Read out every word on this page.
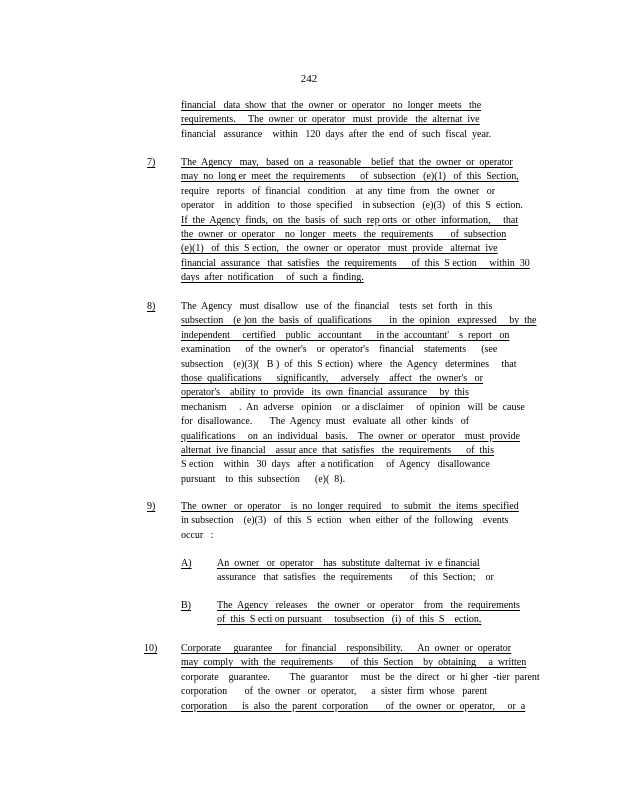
242
financial   data  show  that  the  owner  or  operator   no  longer  meets   the
requirements.     The  owner  or  operator   must  provide   the  alternat  ive
financial   assurance    within   120  days  after  the  end  of  such  fiscal  year.
7)	The  Agency   may,   based  on  a  reasonable    belief  that  the  owner  or  operator
may  no  long er  meet  the  requirements      of  subsection   (e)(1)   of  this  Section,
require   reports   of  financial   condition    at  any  time  from   the  owner   or
operator    in  addition   to  those  specified    in subsection   (e)(3)   of  this  S  ection.
If  the  Agency  finds,  on  the  basis  of  such  rep orts  or  other  information,     that
the  owner  or  operator    no  longer   meets   the  requirements       of  subsection
(e)(1)   of  this  S ection,   the  owner  or  operator   must  provide   alternat  ive
financial  assurance   that  satisfies   the  requirements      of  this  S ection     within  30
days  after  notification     of  such  a  finding.
8)	The  Agency   must  disallow   use  of  the  financial    tests  set  forth   in  this
subsection    (e )on  the  basis  of  qualifications       in  the  opinion   expressed     by  the
independent     certified    public   accountant      in the  accountant'    s  report   on
examination      of  the  owner's    or  operator's    financial    statements      (see
subsection    (e)(3)(   B )  of  this  S ection)  where   the  Agency   determines     that
those  qualifications      significantly,     adversely    affect   the  owner's   or
operator's    ability  to  provide   its  own  financial  assurance     by  this
mechanism     .  An  adverse   opinion    or  a disclaimer     of  opinion   will  be  cause
for  disallowance.       The  Agency  must   evaluate  all  other  kinds   of
qualifications     on  an  individual   basis.    The  owner  or  operator    must  provide
alternat  ive financial    assur ance  that  satisfies   the  requirements      of  this
S ection    within   30  days   after  a notification     of  Agency   disallowance
pursuant    to  this  subsection      (e)(  8).
9)	The  owner   or  operator    is  no  longer  required    to  submit   the  items  specified
in subsection    (e)(3)   of  this  S  ection   when  either  of  the  following    events
occur   :
A)	An  owner   or  operator    has  substitute  dalternat  iv  e financial
assurance   that  satisfies   the  requirements       of  this  Section;    or
B)	The  Agency   releases    the  owner   or  operator    from   the  requirements
of  this  S ecti on pursuant     tosubsection   (i)  of  this  S    ection.
10) Corporate     guarantee     for  financial    responsibility.      An  owner  or  operator
may  comply   with  the  requirements       of  this  Section    by  obtaining     a  written
corporate    guarantee.        The  guarantor     must  be  the  direct   or  hi gher  -tier  parent
corporation       of  the  owner   or  operator,      a  sister  firm  whose   parent
corporation      is  also  the  parent  corporation       of  the  owner  or  operator,     or  a
